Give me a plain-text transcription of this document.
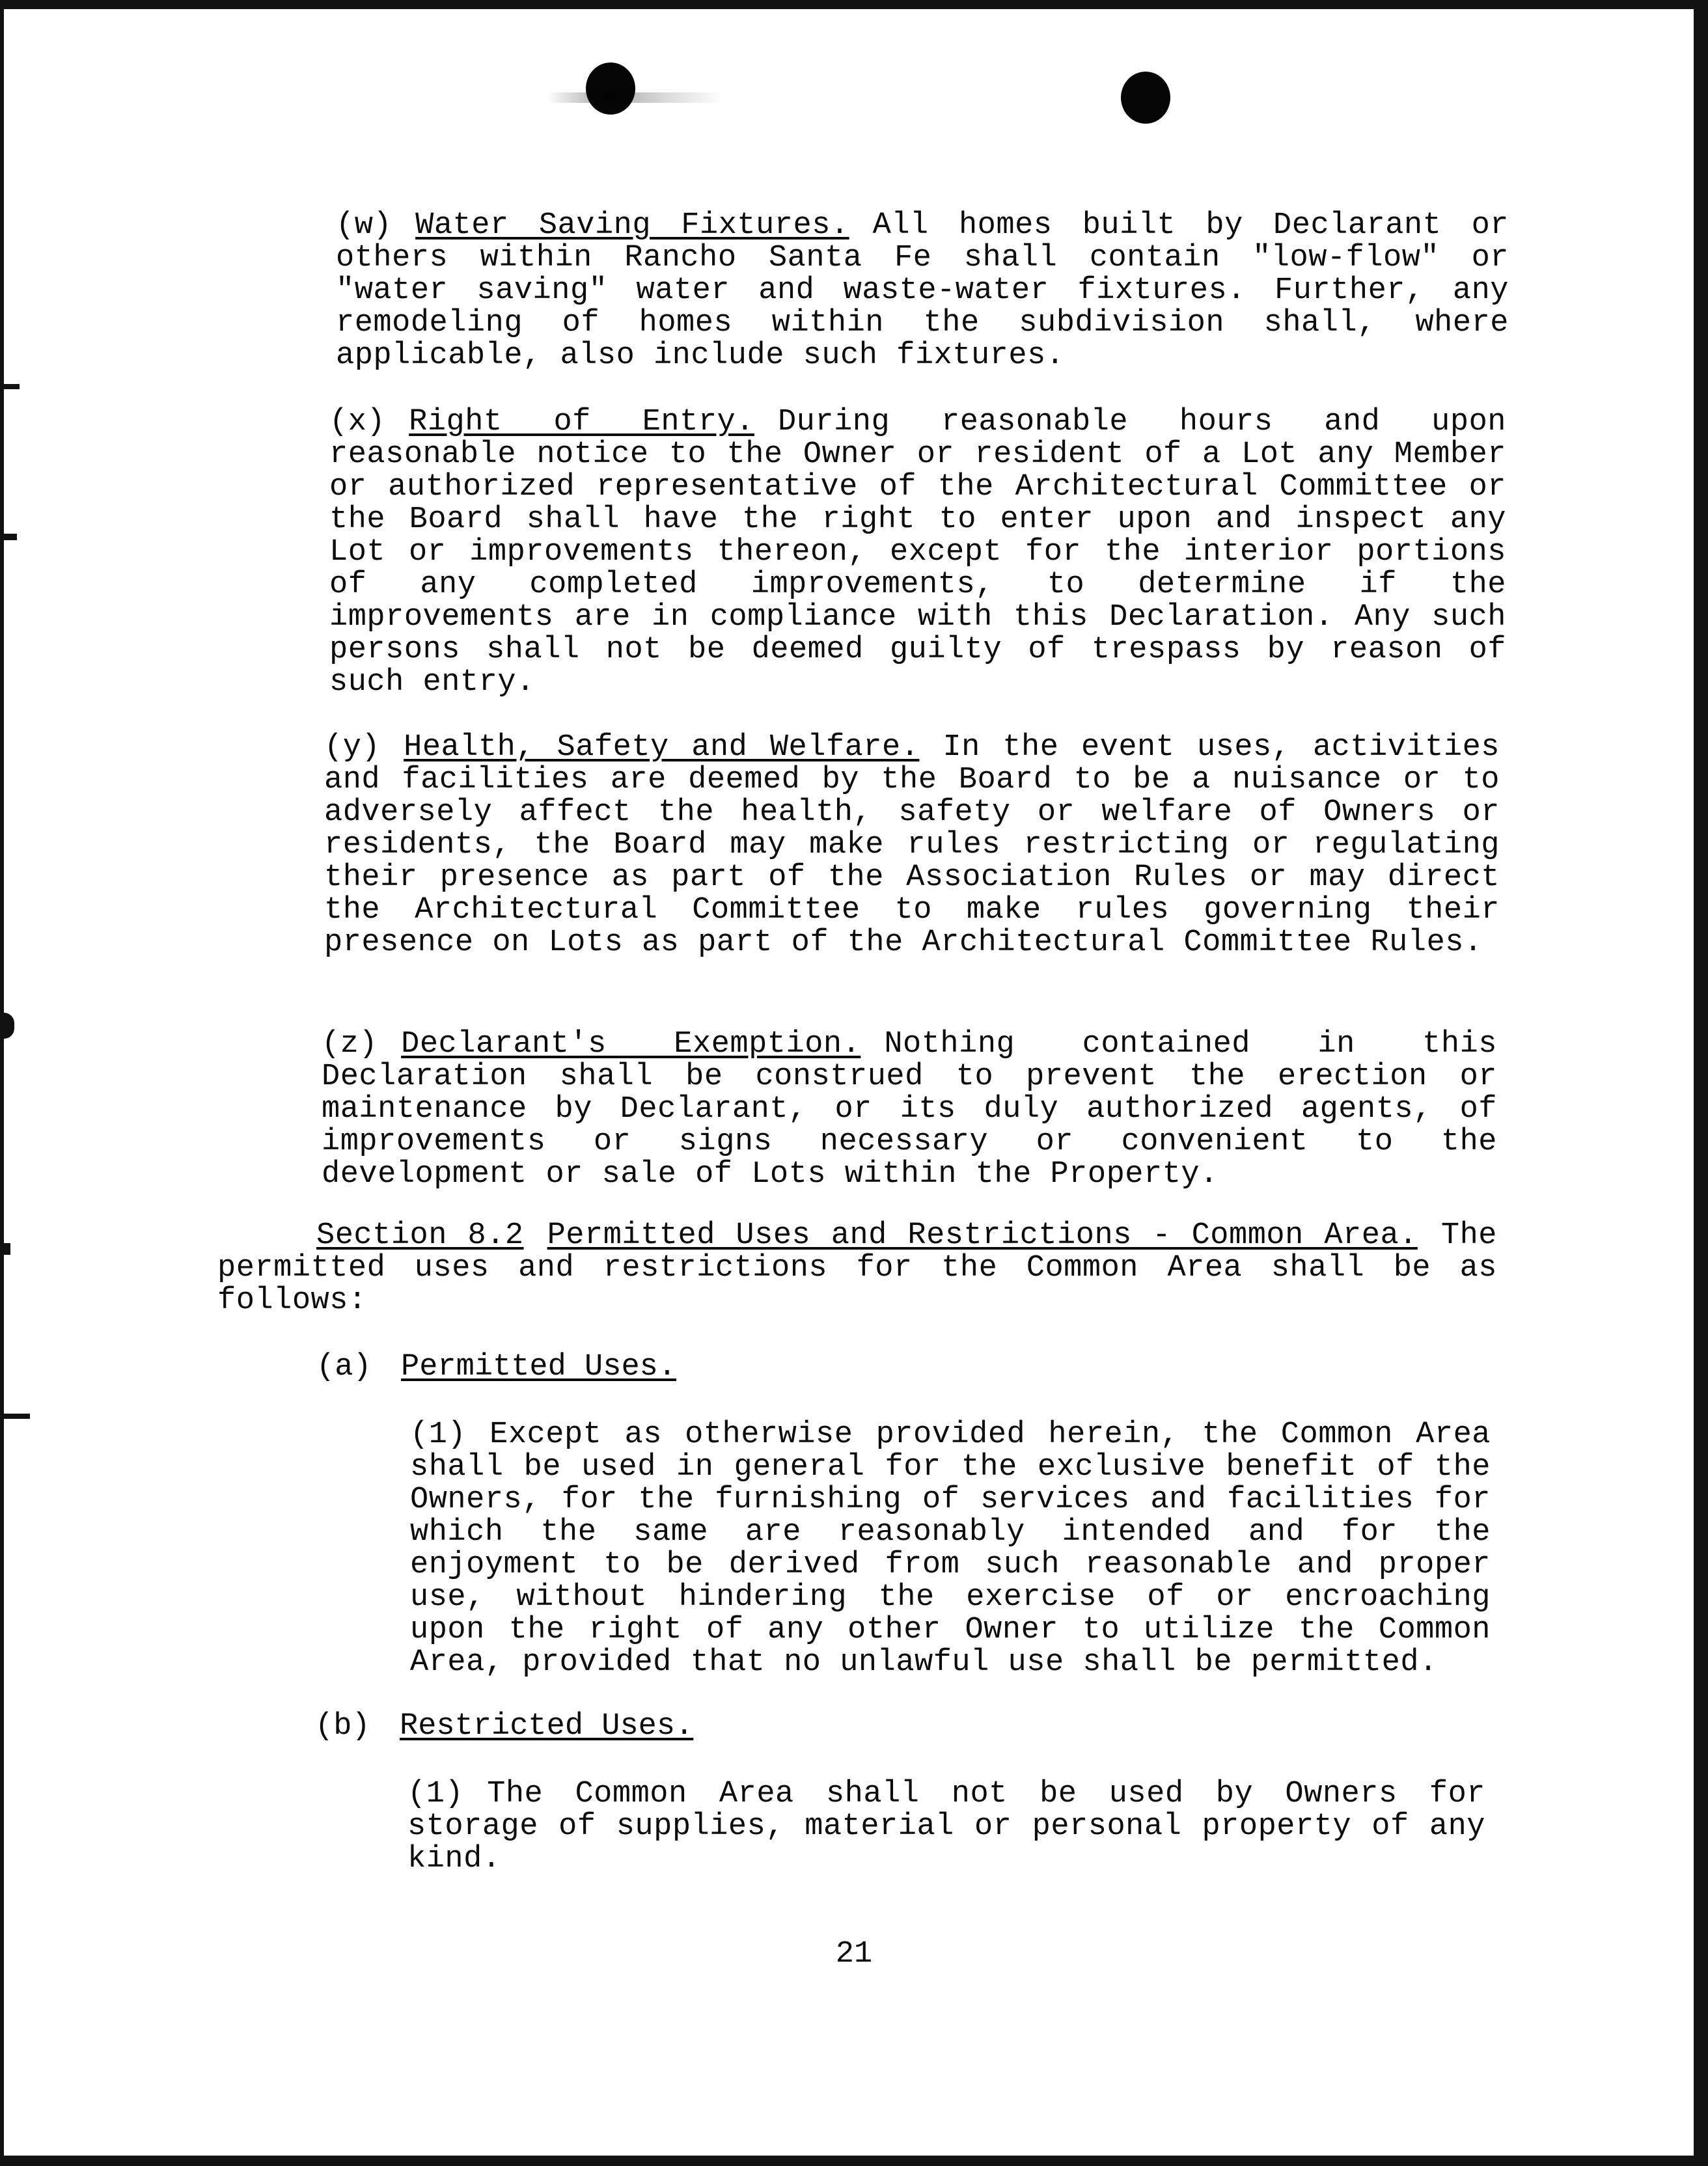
(w) Water Saving Fixtures. All homes built by Declarant or others within Rancho Santa Fe shall contain "low-flow" or "water saving" water and waste-water fixtures. Further, any remodeling of homes within the subdivision shall, where applicable, also include such fixtures.

(x) Right of Entry. During reasonable hours and upon reasonable notice to the Owner or resident of a Lot any Member or authorized representative of the Architectural Committee or the Board shall have the right to enter upon and inspect any Lot or improvements thereon, except for the interior portions of any completed improvements, to determine if the improvements are in compliance with this Declaration. Any such persons shall not be deemed guilty of trespass by reason of such entry.

(y) Health, Safety and Welfare. In the event uses, activities and facilities are deemed by the Board to be a nuisance or to adversely affect the health, safety or welfare of Owners or residents, the Board may make rules restricting or regulating their presence as part of the Association Rules or may direct the Architectural Committee to make rules governing their presence on Lots as part of the Architectural Committee Rules.

(z) Declarant's Exemption. Nothing contained in this Declaration shall be construed to prevent the erection or maintenance by Declarant, or its duly authorized agents, of improvements or signs necessary or convenient to the development or sale of Lots within the Property.

Section 8.2 Permitted Uses and Restrictions - Common Area. The permitted uses and restrictions for the Common Area shall be as follows:

(a) Permitted Uses.

(1) Except as otherwise provided herein, the Common Area shall be used in general for the exclusive benefit of the Owners, for the furnishing of services and facilities for which the same are reasonably intended and for the enjoyment to be derived from such reasonable and proper use, without hindering the exercise of or encroaching upon the right of any other Owner to utilize the Common Area, provided that no unlawful use shall be permitted.

(b) Restricted Uses.

(1) The Common Area shall not be used by Owners for storage of supplies, material or personal property of any kind.

21
